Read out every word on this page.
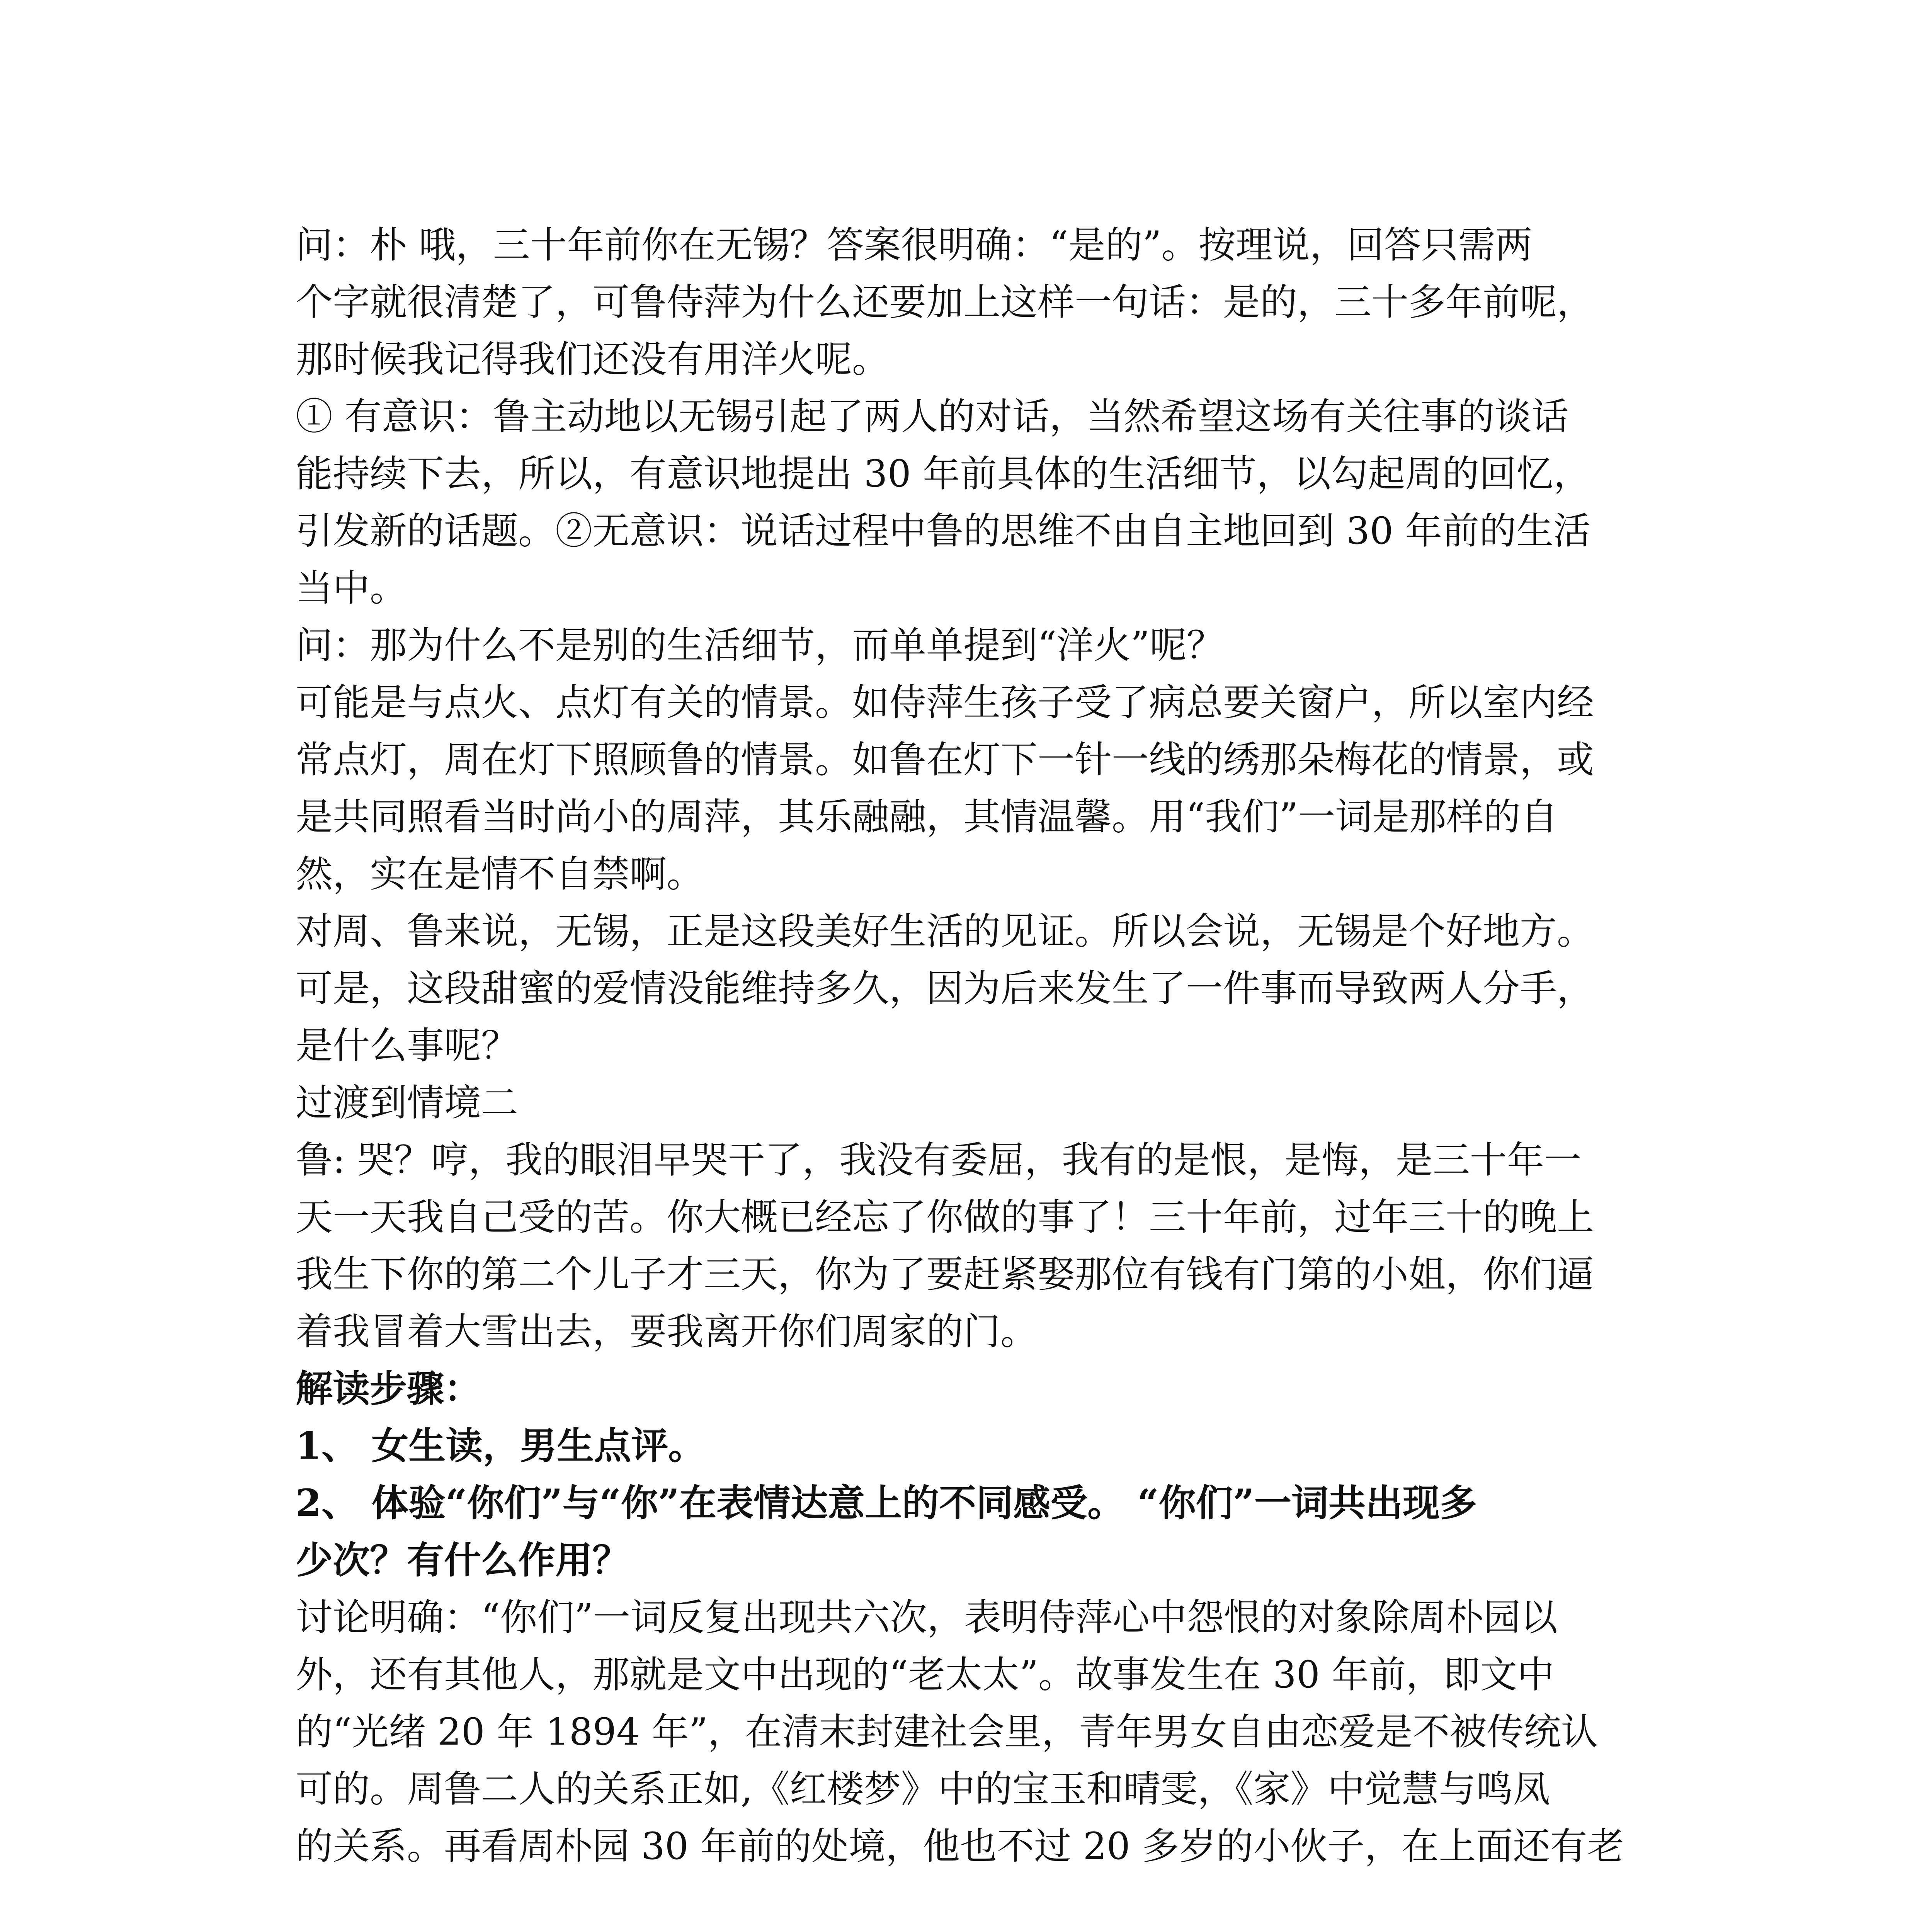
问：朴 哦，三十年前你在无锡？答案很明确：“是的”。按理说，回答只需两
个字就很清楚了，可鲁侍萍为什么还要加上这样一句话：是的，三十多年前呢，
那时候我记得我们还没有用洋火呢。
① 有意识：鲁主动地以无锡引起了两人的对话，当然希望这场有关往事的谈话
能持续下去，所以，有意识地提出 30 年前具体的生活细节，以勾起周的回忆，
引发新的话题。②无意识：说话过程中鲁的思维不由自主地回到 30 年前的生活
当中。
问：那为什么不是别的生活细节，而单单提到“洋火”呢？
可能是与点火、点灯有关的情景。如侍萍生孩子受了病总要关窗户，所以室内经
常点灯，周在灯下照顾鲁的情景。如鲁在灯下一针一线的绣那朵梅花的情景，或
是共同照看当时尚小的周萍，其乐融融，其情温馨。用“我们”一词是那样的自
然，实在是情不自禁啊。
对周、鲁来说，无锡，正是这段美好生活的见证。所以会说，无锡是个好地方。
可是，这段甜蜜的爱情没能维持多久，因为后来发生了一件事而导致两人分手，
是什么事呢？
过渡到情境二
鲁: 哭？哼，我的眼泪早哭干了，我没有委屈，我有的是恨，是悔，是三十年一
天一天我自己受的苦。你大概已经忘了你做的事了！三十年前，过年三十的晚上
我生下你的第二个儿子才三天，你为了要赶紧娶那位有钱有门第的小姐，你们逼
着我冒着大雪出去，要我离开你们周家的门。
解读步骤：
1、 女生读，男生点评。
2、 体验“你们”与“你”在表情达意上的不同感受。 “你们”一词共出现多
少次？有什么作用？
讨论明确：“你们”一词反复出现共六次，表明侍萍心中怨恨的对象除周朴园以
外，还有其他人，那就是文中出现的“老太太”。故事发生在 30 年前，即文中
的“光绪 20 年 1894 年”，在清末封建社会里，青年男女自由恋爱是不被传统认
可的。周鲁二人的关系正如,《红楼梦》中的宝玉和晴雯，《家》中觉慧与鸣凤
的关系。再看周朴园 30 年前的处境，他也不过 20 多岁的小伙子，在上面还有老
